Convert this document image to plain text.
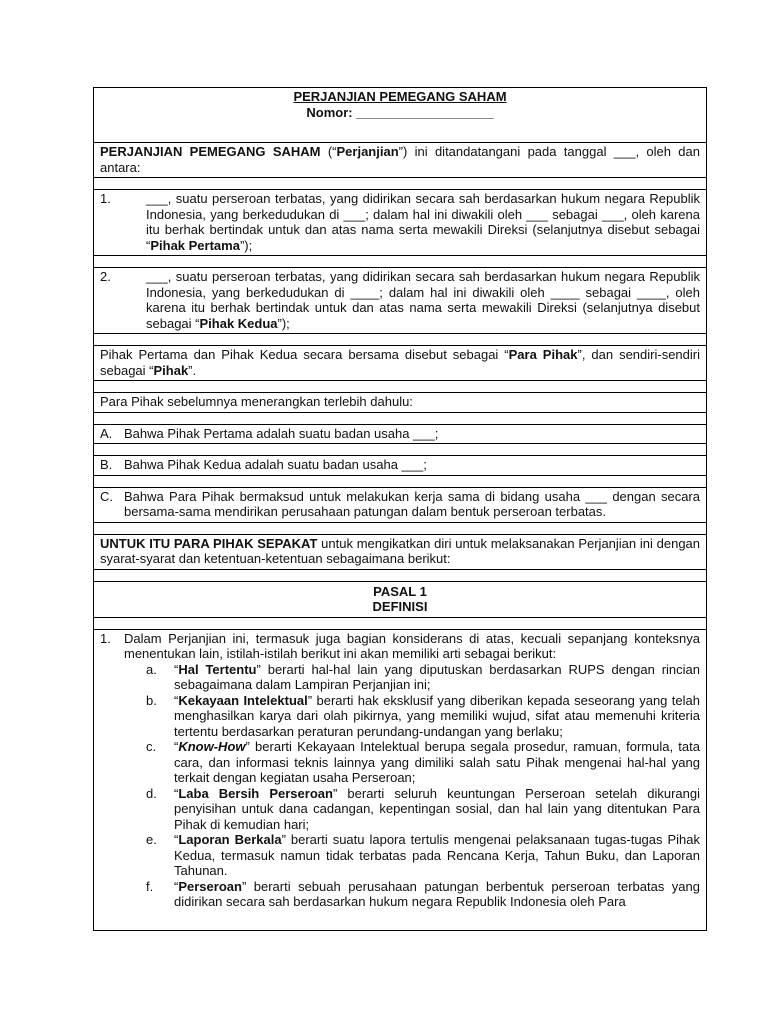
PERJANJIAN PEMEGANG SAHAM
Nomor: ___________________
PERJANJIAN PEMEGANG SAHAM (“Perjanjian”) ini ditandatangani pada tanggal ___, oleh dan antara:
1.	___, suatu perseroan terbatas, yang didirikan secara sah berdasarkan hukum negara Republik Indonesia, yang berkedudukan di ___; dalam hal ini diwakili oleh ___ sebagai ___, oleh karena itu berhak bertindak untuk dan atas nama serta mewakili Direksi (selanjutnya disebut sebagai “Pihak Pertama”);
2.	___, suatu perseroan terbatas, yang didirikan secara sah berdasarkan hukum negara Republik Indonesia, yang berkedudukan di ____; dalam hal ini diwakili oleh ____ sebagai ____, oleh karena itu berhak bertindak untuk dan atas nama serta mewakili Direksi (selanjutnya disebut sebagai “Pihak Kedua”);
Pihak Pertama dan Pihak Kedua secara bersama disebut sebagai “Para Pihak”, dan sendiri-sendiri sebagai “Pihak”.
Para Pihak sebelumnya menerangkan terlebih dahulu:
A. Bahwa Pihak Pertama adalah suatu badan usaha ___;
B. Bahwa Pihak Kedua adalah suatu badan usaha ___;
C. Bahwa Para Pihak bermaksud untuk melakukan kerja sama di bidang usaha ___ dengan secara bersama-sama mendirikan perusahaan patungan dalam bentuk perseroan terbatas.
UNTUK ITU PARA PIHAK SEPAKAT untuk mengikatkan diri untuk melaksanakan Perjanjian ini dengan syarat-syarat dan ketentuan-ketentuan sebagaimana berikut:
PASAL 1
DEFINISI
1.	Dalam Perjanjian ini, termasuk juga bagian konsiderans di atas, kecuali sepanjang konteksnya menentukan lain, istilah-istilah berikut ini akan memiliki arti sebagai berikut:
a.	“Hal Tertentu” berarti hal-hal lain yang diputuskan berdasarkan RUPS dengan rincian sebagaimana dalam Lampiran Perjanjian ini;
b.	“Kekayaan Intelektual” berarti hak eksklusif yang diberikan kepada seseorang yang telah menghasilkan karya dari olah pikirnya, yang memiliki wujud, sifat atau memenuhi kriteria tertentu berdasarkan peraturan perundang-undangan yang berlaku;
c.	“Know-How” berarti Kekayaan Intelektual berupa segala prosedur, ramuan, formula, tata cara, dan informasi teknis lainnya yang dimiliki salah satu Pihak mengenai hal-hal yang terkait dengan kegiatan usaha Perseroan;
d.	“Laba Bersih Perseroan” berarti seluruh keuntungan Perseroan setelah dikurangi penyisihan untuk dana cadangan, kepentingan sosial, dan hal lain yang ditentukan Para Pihak di kemudian hari;
e.	“Laporan Berkala” berarti suatu lapora tertulis mengenai pelaksanaan tugas-tugas Pihak Kedua, termasuk namun tidak terbatas pada Rencana Kerja, Tahun Buku, dan Laporan Tahunan.
f.	“Perseroan” berarti sebuah perusahaan patungan berbentuk perseroan terbatas yang didirikan secara sah berdasarkan hukum negara Republik Indonesia oleh Para
